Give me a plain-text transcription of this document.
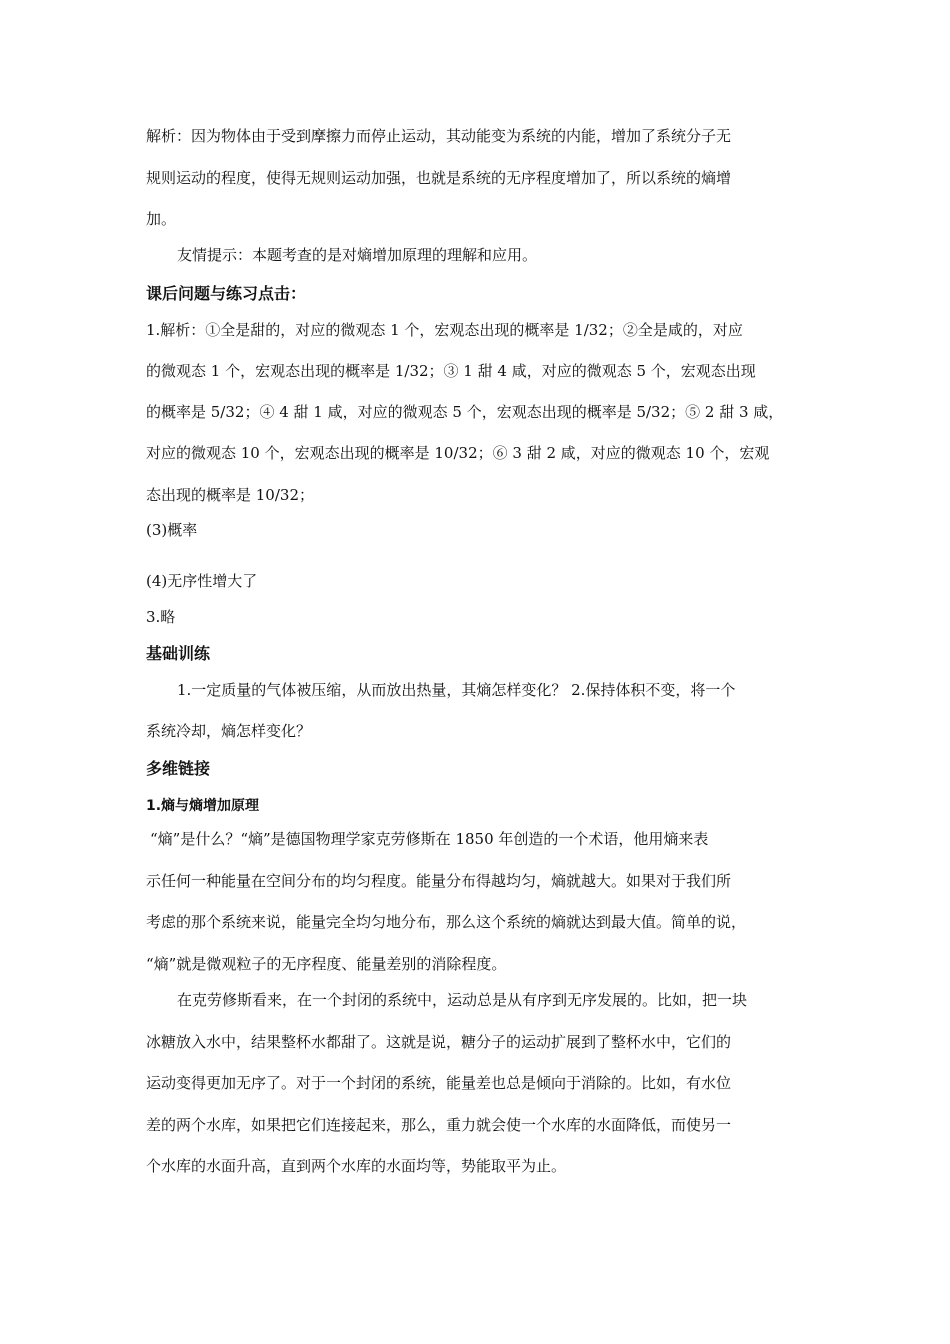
解析：因为物体由于受到摩擦力而停止运动，其动能变为系统的内能，增加了系统分子无
规则运动的程度，使得无规则运动加强，也就是系统的无序程度增加了，所以系统的熵增
加。
友情提示：本题考查的是对熵增加原理的理解和应用。
课后问题与练习点击：
1.解析：①全是甜的，对应的微观态 1 个，宏观态出现的概率是 1/32；②全是咸的，对应
的微观态 1 个，宏观态出现的概率是 1/32；③ 1 甜 4 咸，对应的微观态 5 个，宏观态出现
的概率是 5/32；④ 4 甜 1 咸，对应的微观态 5 个，宏观态出现的概率是 5/32；⑤ 2 甜 3 咸，
对应的微观态 10 个，宏观态出现的概率是 10/32；⑥ 3 甜 2 咸，对应的微观态 10 个，宏观
态出现的概率是 10/32；
(3)概率
(4)无序性增大了
3.略
基础训练
1.一定质量的气体被压缩，从而放出热量，其熵怎样变化？ 2.保持体积不变，将一个
系统冷却，熵怎样变化？
多维链接
1.熵与熵增加原理
“熵”是什么？“熵”是德国物理学家克劳修斯在 1850 年创造的一个术语，他用熵来表
示任何一种能量在空间分布的均匀程度。能量分布得越均匀，熵就越大。如果对于我们所
考虑的那个系统来说，能量完全均匀地分布，那么这个系统的熵就达到最大值。简单的说，
“熵”就是微观粒子的无序程度、能量差别的消除程度。
在克劳修斯看来，在一个封闭的系统中，运动总是从有序到无序发展的。比如，把一块
冰糖放入水中，结果整杯水都甜了。这就是说，糖分子的运动扩展到了整杯水中，它们的
运动变得更加无序了。对于一个封闭的系统，能量差也总是倾向于消除的。比如，有水位
差的两个水库，如果把它们连接起来，那么，重力就会使一个水库的水面降低，而使另一
个水库的水面升高，直到两个水库的水面均等，势能取平为止。
